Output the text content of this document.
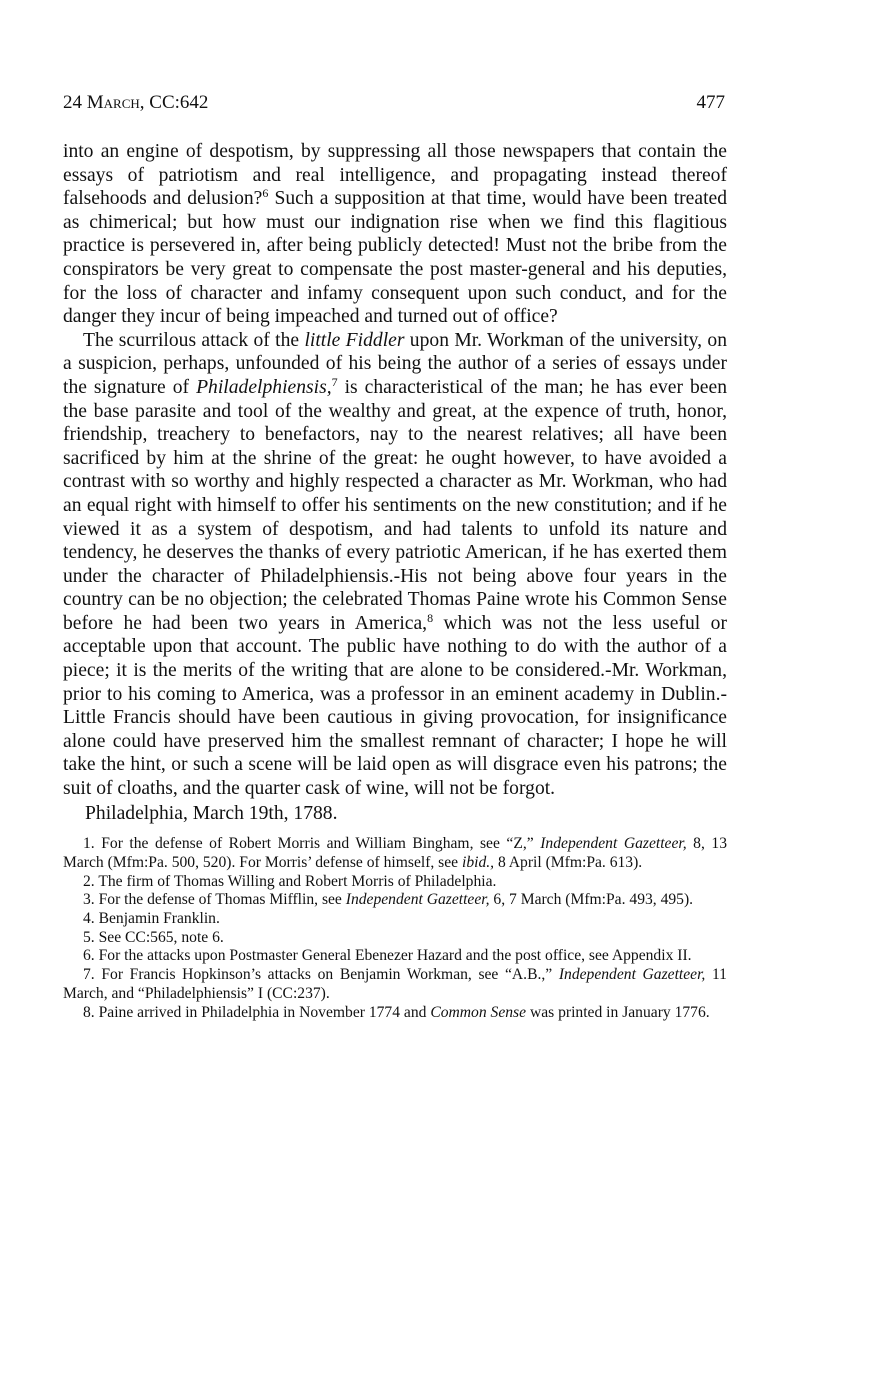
24 March, CC:642	477

into an engine of despotism, by suppressing all those newspapers that contain the essays of patriotism and real intelligence, and propagating instead thereof falsehoods and delusion?$^6$ Such a supposition at that time, would have been treated as chimerical; but how must our indignation rise when we find this flagitious practice is persevered in, after being publicly detected! Must not the bribe from the conspirators be very great to compensate the post master-general and his deputies, for the loss of character and infamy consequent upon such conduct, and for the danger they incur of being impeached and turned out of office?

The scurrilous attack of the little Fiddler upon Mr. Workman of the university, on a suspicion, perhaps, unfounded of his being the author of a series of essays under the signature of Philadelphiensis,$^7$ is characteristical of the man; he has ever been the base parasite and tool of the wealthy and great, at the expence of truth, honor, friendship, treachery to benefactors, nay to the nearest relatives; all have been sacrificed by him at the shrine of the great: he ought however, to have avoided a contrast with so worthy and highly respected a character as Mr. Workman, who had an equal right with himself to offer his sentiments on the new constitution; and if he viewed it as a system of despotism, and had talents to unfold its nature and tendency, he deserves the thanks of every patriotic American, if he has exerted them under the character of Philadelphiensis.-His not being above four years in the country can be no objection; the celebrated Thomas Paine wrote his Common Sense before he had been two years in America,$^8$ which was not the less useful or acceptable upon that account. The public have nothing to do with the author of a piece; it is the merits of the writing that are alone to be considered.-Mr. Workman, prior to his coming to America, was a professor in an eminent academy in Dublin.-Little Francis should have been cautious in giving provocation, for insignificance alone could have preserved him the smallest remnant of character; I hope he will take the hint, or such a scene will be laid open as will disgrace even his patrons; the suit of cloaths, and the quarter cask of wine, will not be forgot.

Philadelphia, March 19th, 1788.
1. For the defense of Robert Morris and William Bingham, see “Z,” Independent Gazetteer, 8, 13 March (Mfm:Pa. 500, 520). For Morris’ defense of himself, see ibid., 8 April (Mfm:Pa. 613).
2. The firm of Thomas Willing and Robert Morris of Philadelphia.
3. For the defense of Thomas Mifflin, see Independent Gazetteer, 6, 7 March (Mfm:Pa. 493, 495).
4. Benjamin Franklin.
5. See CC:565, note 6.
6. For the attacks upon Postmaster General Ebenezer Hazard and the post office, see Appendix II.
7. For Francis Hopkinson’s attacks on Benjamin Workman, see “A.B.,” Independent Gazetteer, 11 March, and “Philadelphiensis” I (CC:237).
8. Paine arrived in Philadelphia in November 1774 and Common Sense was printed in January 1776.
